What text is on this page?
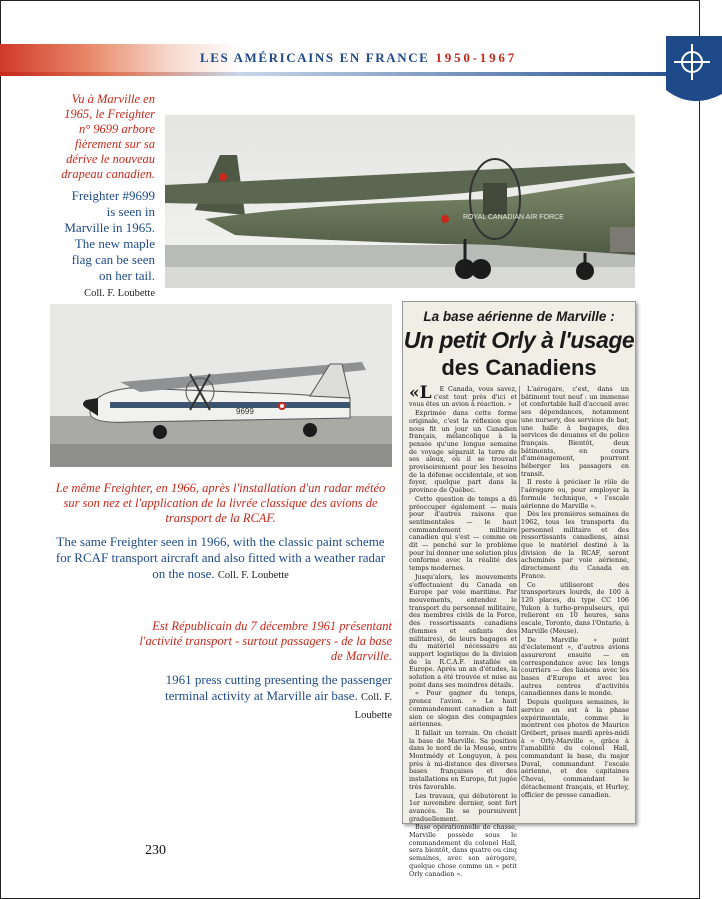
LES AMÉRICAINS EN FRANCE 1950-1967
ROYAL CANADIAN AIR FORCE
Vu à Marville en 1965, le Freighter n° 9699 arbore fièrement sur sa dérive le nouveau drapeau canadien.
Freighter #9699 is seen in Marville in 1965. The new maple flag can be seen on her tail.
Coll. F. Loubette
9699
Le même Freighter, en 1966, après l'installation d'un radar météo sur son nez et l'application de la livrée classique des avions de transport de la RCAF.
The same Freighter seen in 1966, with the classic paint scheme for RCAF transport aircraft and also fitted with a weather radar on the nose. Coll. F. Loubette
Est Républicain du 7 décembre 1961 présentant l'activité transport - surtout passagers - de la base de Marville.
1961 press cutting presenting the passenger terminal activity at Marville air base. Coll. F. Loubette
La base aérienne de Marville :
Un petit Orly à l'usage
des Canadiens
«L	E Canada, vous savez, c'est tout près d'ici et vous êtes un avion à réaction. »

Exprimée dans cette forme originale, c'est la réflexion que nous fit un jour un Canadien français, mélancolique à la pensée qu'une longue semaine de voyage séparait la terre de ses aïeux, où il se trouvait provisoirement pour les besoins de la défense occidentale, et son foyer, quelque part dans la province de Québec.

Cette question de temps a dû préoccuper également — mais pour d'autres raisons que sentimentales — le haut commandement militaire canadien qui s'est — comme on dit — penché sur le problème pour lui donner une solution plus conforme avec la réalité des temps modernes.

Jusqu'alors, les mouvements s'effectuaient du Canada en Europe par voie maritime. Par mouvements, entendez le transport du personnel militaire, des membres civils de la Force, des ressortissants canadiens (femmes et enfants des militaires), de leurs bagages et du matériel nécessaire au support logistique de la division de la R.C.A.F. installée en Europe. Après un an d'études, la solution a été trouvée et mise au point dans ses moindres détails.

« Pour gagner du temps, prenez l'avion. » Le haut commandement canadien a fait sien ce slogan des compagnies aériennes.

Il fallait un terrain. On choisit la base de Marville. Sa position dans le nord de la Meuse, entre Montmédy et Longuyon, à peu près à mi-distance des diverses bases françaises et des installations en Europe, fut jugée très favorable.

Les travaux, qui débutèrent le 1er novembre dernier, sont fort avancés. Ils se poursuivent graduellement.

Base opérationnelle de chasse, Marville possède sous le commandement du colonel Hall, sera bientôt, dans quatre ou cinq semaines, avec son aérogare, quelque chose comme un « petit Orly canadien ».

L'aérogare, c'est, dans un bâtiment tout neuf : un immense et confortable hall d'accueil avec ses dépendances, notamment une nursery, des services de bar, une halle à bagages, des services de douanes et de police français. Bientôt, deux bâtiments, en cours d'aménagement, pourront héberger les passagers en transit.

Il reste à préciser le rôle de l'aérogare ou, pour employer la formule technique, « l'escale aérienne de Marville ».

Dès les premières semaines de 1962, tous les transports du personnel militaire et des ressortissants canadiens, ainsi que le matériel destiné à la division de la RCAF, seront acheminés par voie aérienne, directement du Canada en France.

Ce utiliseront des transporteurs lourds, de 100 à 120 places, du type CC 106 Yukon à turbo-propulseurs, qui relieront en 10 heures, sans escale, Toronto, dans l'Ontario, à Marville (Meuse).

De Marville « point d'éclatement », d'autres avions assureront ensuite — en correspondance avec les longs courriers — des liaisons avec les bases d'Europe et avec les autres centres d'activités canadiennes dans le monde.

Depuis quelques semaines, le service en est à la phase expérimentale, comme le montrent ces photos de Maurice Grébert, prises mardi après-midi à « Orly-Marville », grâce à l'amabilité du colonel Hall, commandant la base, du major Duval, commandant l'escale aérienne, et des capitaines Chevai, commandant le détachement français, et Hurley, officier de presse canadien.

230
